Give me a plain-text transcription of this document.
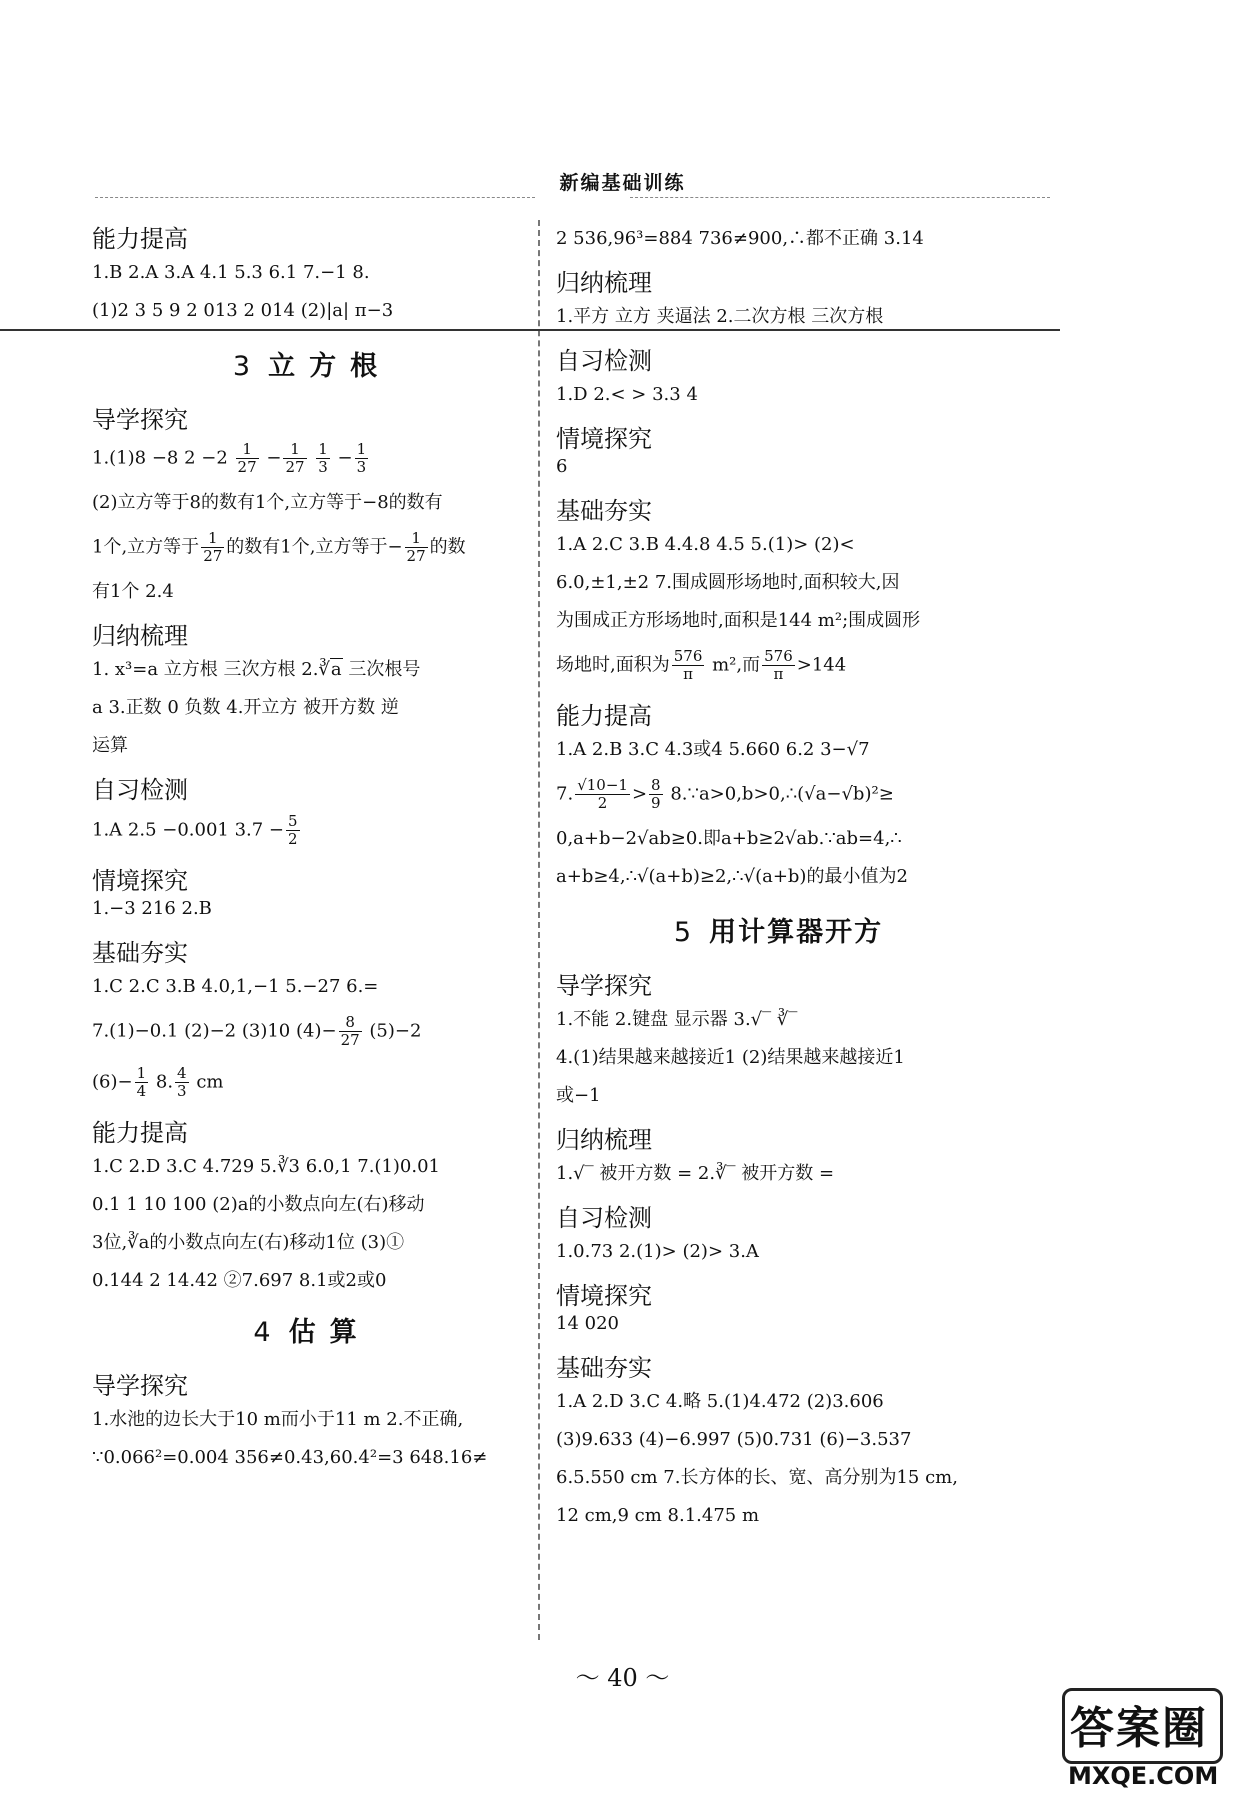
新编基础训练
能力提高

1.B 2.A 3.A 4.1 5.3 6.1 7.−1 8.

(1)2 3 5 9 2 013 2 014 (2)|a| π−3

3 立方根
导学探究

1.(1)8 −8 $2 -2 \frac{1}{27} - \frac{1}{27}$
$\frac{1}{3} - \frac{1}{3}$

(2)立方等于8的数有1个,立方等于−8的数有

1个,立方等于 $\frac{1}{27}$ 的数有1个,立方等于− $\frac{1}{27}$ 的数

有1个 2.4

归纳梳理

1. x³=a 立方根 三次方根 2.∛a 三次根号

a 3.正数 0 负数 4.开立方 被开方数 逆

运算

自习检测

1.A 2.5 −0.001 $3.7 - \frac{5}{2}$

情境探究

1.−3 216 2.B

基础夯实

1.C 2.C 3.B 4.0,1,−1 5.−27 6.=

7.(1)−0.1 (2)−2 (3)10 $(4)- \frac{8}{27} (5)-2$

$(6)- \frac{1}{4} 8$. $\frac{4}{3}$ cm

能力提高

1.C 2.D 3.C 4.729 5.∛3 6.0,1 7.(1)0.01

0.1 1 10 100 (2)a的小数点向左(右)移动

3位,∛a的小数点向左(右)移动1位 (3)①

0.144 2 14.42 ②7.697 8.1或2或0

4 估算
导学探究

1.水池的边长大于10 m而小于11 m 2.不正确,

∵0.066²=0.004 356≠0.43,60.4²=3 648.16≠

2 536,96³=884 736≠900,∴都不正确 3.14

归纳梳理

1.平方 立方 夹逼法 2.二次方根 三次方根

自习检测

1.D 2.< > 3.3 4

情境探究

6

基础夯实

1.A 2.C 3.B 4.4.8 4.5 5.(1)> (2)<

6.0,±1,±2 7.围成圆形场地时,面积较大,因

为围成正方形场地时,面积是144 m²;围成圆形

场地时,面积为 $\frac{576}{\pi} m^2$,而 $\frac{576}{\pi} >144$

能力提高

1.A 2.B 3.C 4.3或4 5.660 6.2 3−√7

7. $\frac{√10-1}{2} > \frac{8}{9}$ 8.∵a>0,b>0,∴(√a−√b)²≥

0,a+b−2√ab≥0.即a+b≥2√ab.∵ab=4,∴

a+b≥4,∴√(a+b)≥2,∴√(a+b)的最小值为2

5 用计算器开方
导学探究

1.不能 2.键盘 显示器 3.√‾ ∛‾

4.(1)结果越来越接近1 (2)结果越来越接近1

或−1

归纳梳理

1.√‾ 被开方数 = 2.∛‾ 被开方数 =

自习检测

1.0.73 2.(1)> (2)> 3.A

情境探究

14 020

基础夯实

1.A 2.D 3.C 4.略 5.(1)4.472 (2)3.606

(3)9.633 (4)−6.997 (5)0.731 (6)−3.537

6.5.550 cm 7.长方体的长、宽、高分别为15 cm,

12 cm,9 cm 8.1.475 m

～ 40 ～
答案圈
MXQE.COM
